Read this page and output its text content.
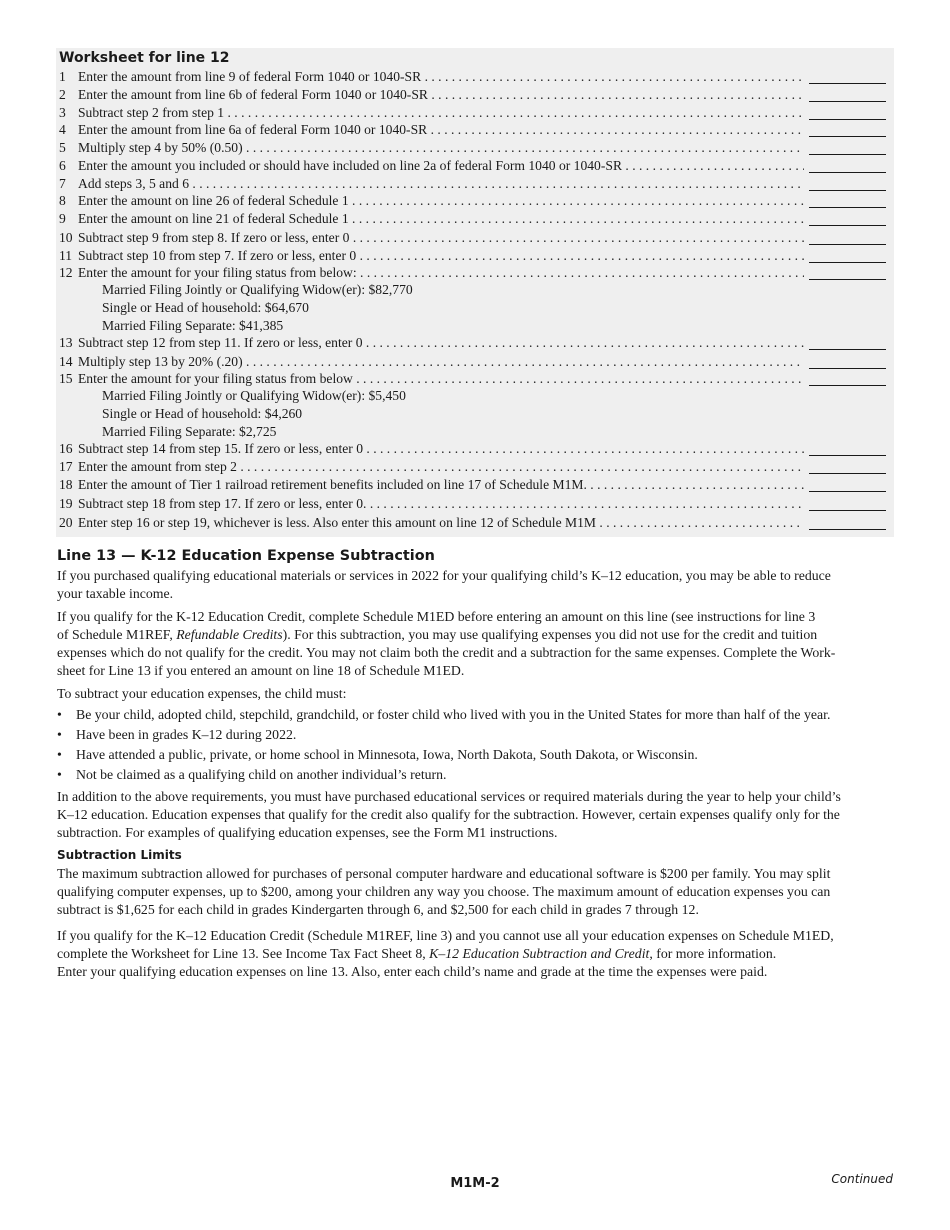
Worksheet for line 12
1 Enter the amount from line 9 of federal Form 1040 or 1040-SR . . .
2 Enter the amount from line 6b of federal Form 1040 or 1040-SR . . .
3 Subtract step 2 from step 1 . . .
4 Enter the amount from line 6a of federal Form 1040 or 1040-SR . . .
5 Multiply step 4 by 50% (0.50) . . .
6 Enter the amount you included or should have included on line 2a of federal Form 1040 or 1040-SR . . .
7 Add steps 3, 5 and 6 . . .
8 Enter the amount on line 26 of federal Schedule 1 . . .
9 Enter the amount on line 21 of federal Schedule 1 . . .
10 Subtract step 9 from step 8. If zero or less, enter 0 . . .
11 Subtract step 10 from step 7. If zero or less, enter 0 . . .
12 Enter the amount for your filing status from below: . . .
Married Filing Jointly or Qualifying Widow(er): $82,770
Single or Head of household: $64,670
Married Filing Separate: $41,385
13 Subtract step 12 from step 11. If zero or less, enter 0 . . .
14 Multiply step 13 by 20% (.20) . . .
15 Enter the amount for your filing status from below . . .
Married Filing Jointly or Qualifying Widow(er): $5,450
Single or Head of household: $4,260
Married Filing Separate: $2,725
16 Subtract step 14 from step 15. If zero or less, enter 0 . . .
17 Enter the amount from step 2 . . .
18 Enter the amount of Tier 1 railroad retirement benefits included on line 17 of Schedule M1M. . . .
19 Subtract step 18 from step 17. If zero or less, enter 0. . . .
20 Enter step 16 or step 19, whichever is less. Also enter this amount on line 12 of Schedule M1M . . .
Line 13 — K-12 Education Expense Subtraction
If you purchased qualifying educational materials or services in 2022 for your qualifying child’s K–12 education, you may be able to reduce
your taxable income.
If you qualify for the K-12 Education Credit, complete Schedule M1ED before entering an amount on this line (see instructions for line 3
of Schedule M1REF, Refundable Credits). For this subtraction, you may use qualifying expenses you did not use for the credit and tuition
expenses which do not qualify for the credit. You may not claim both the credit and a subtraction for the same expenses. Complete the Work-
sheet for Line 13 if you entered an amount on line 18 of Schedule M1ED.
To subtract your education expenses, the child must:
• Be your child, adopted child, stepchild, grandchild, or foster child who lived with you in the United States for more than half of the year.
• Have been in grades K–12 during 2022.
• Have attended a public, private, or home school in Minnesota, Iowa, North Dakota, South Dakota, or Wisconsin.
• Not be claimed as a qualifying child on another individual’s return.
In addition to the above requirements, you must have purchased educational services or required materials during the year to help your child’s
K–12 education. Education expenses that qualify for the credit also qualify for the subtraction. However, certain expenses qualify only for the
subtraction. For examples of qualifying education expenses, see the Form M1 instructions.
Subtraction Limits
The maximum subtraction allowed for purchases of personal computer hardware and educational software is $200 per family. You may split
qualifying computer expenses, up to $200, among your children any way you choose. The maximum amount of education expenses you can
subtract is $1,625 for each child in grades Kindergarten through 6, and $2,500 for each child in grades 7 through 12.
If you qualify for the K–12 Education Credit (Schedule M1REF, line 3) and you cannot use all your education expenses on Schedule M1ED,
complete the Worksheet for Line 13. See Income Tax Fact Sheet 8, K–12 Education Subtraction and Credit, for more information.
Enter your qualifying education expenses on line 13. Also, enter each child’s name and grade at the time the expenses were paid.
M1M-2	Continued
